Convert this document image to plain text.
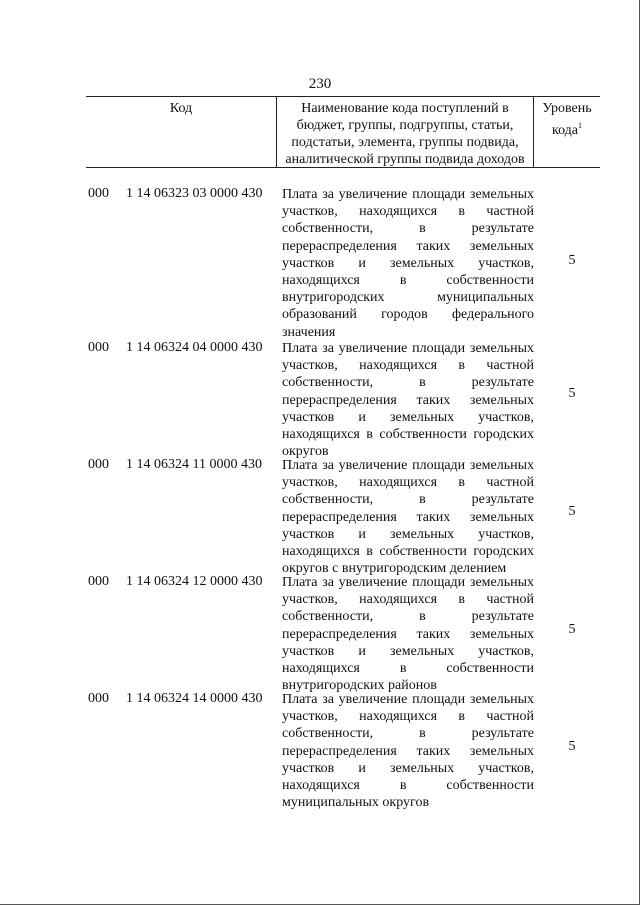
230
Код	Наименование кода поступлений в
бюджет, группы, подгруппы, статьи,
подстатьи, элемента, группы подвида,
аналитической группы подвида доходов
Уровень
кода$^1$
000 1 14 06323 03 0000 430 Плата за увеличение площади земельных участков, находящихся в частной собственности, в результате перераспределения таких земельных участков и земельных участков, находящихся в собственности внутригородских муниципальных образований городов федерального значения
5
000 1 14 06324 04 0000 430 Плата за увеличение площади земельных участков, находящихся в частной собственности, в результате перераспределения таких земельных участков и земельных участков, находящихся в собственности городских округов
5
000 1 14 06324 11 0000 430 Плата за увеличение площади земельных участков, находящихся в частной собственности, в результате перераспределения таких земельных участков и земельных участков, находящихся в собственности городских округов с внутригородским делением
5
000 1 14 06324 12 0000 430 Плата за увеличение площади земельных участков, находящихся в частной собственности, в результате перераспределения таких земельных участков и земельных участков, находящихся в собственности внутригородских районов
5
000 1 14 06324 14 0000 430 Плата за увеличение площади земельных участков, находящихся в частной собственности, в результате перераспределения таких земельных участков и земельных участков, находящихся в собственности муниципальных округов
5
